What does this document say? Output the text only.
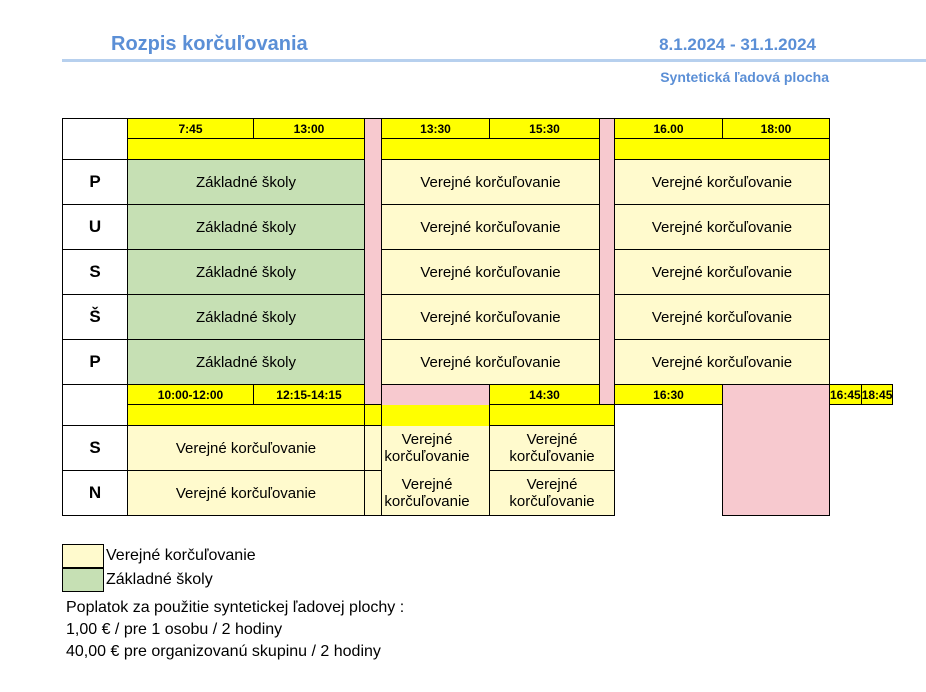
Rozpis korčuľovania	8.1.2024 - 31.1.2024
Syntetická ľadová plocha
	7:45	13:00		13:30	15:30		16.00	18:00		

P	Základné školy			Verejné korčuľovanie			Verejné korčuľovanie			
U	Základné školy			Verejné korčuľovanie			Verejné korčuľovanie			
S	Základné školy			Verejné korčuľovanie			Verejné korčuľovanie			
Š	Základné školy			Verejné korčuľovanie			Verejné korčuľovanie			
P	Základné školy			Verejné korčuľovanie			Verejné korčuľovanie			
	10:00-12:00	12:15-14:15			14:30		16:30		16:45	18:45

S	Verejné korčuľovanie		Verejné korčuľovanie		Verejné korčuľovanie					
N	Verejné korčuľovanie		Verejné korčuľovanie		Verejné korčuľovanie					
Verejné korčuľovanie
Základné školy
Poplatok za použitie syntetickej ľadovej plochy :
1,00 € / pre 1 osobu / 2 hodiny
40,00 € pre organizovanú skupinu / 2 hodiny
